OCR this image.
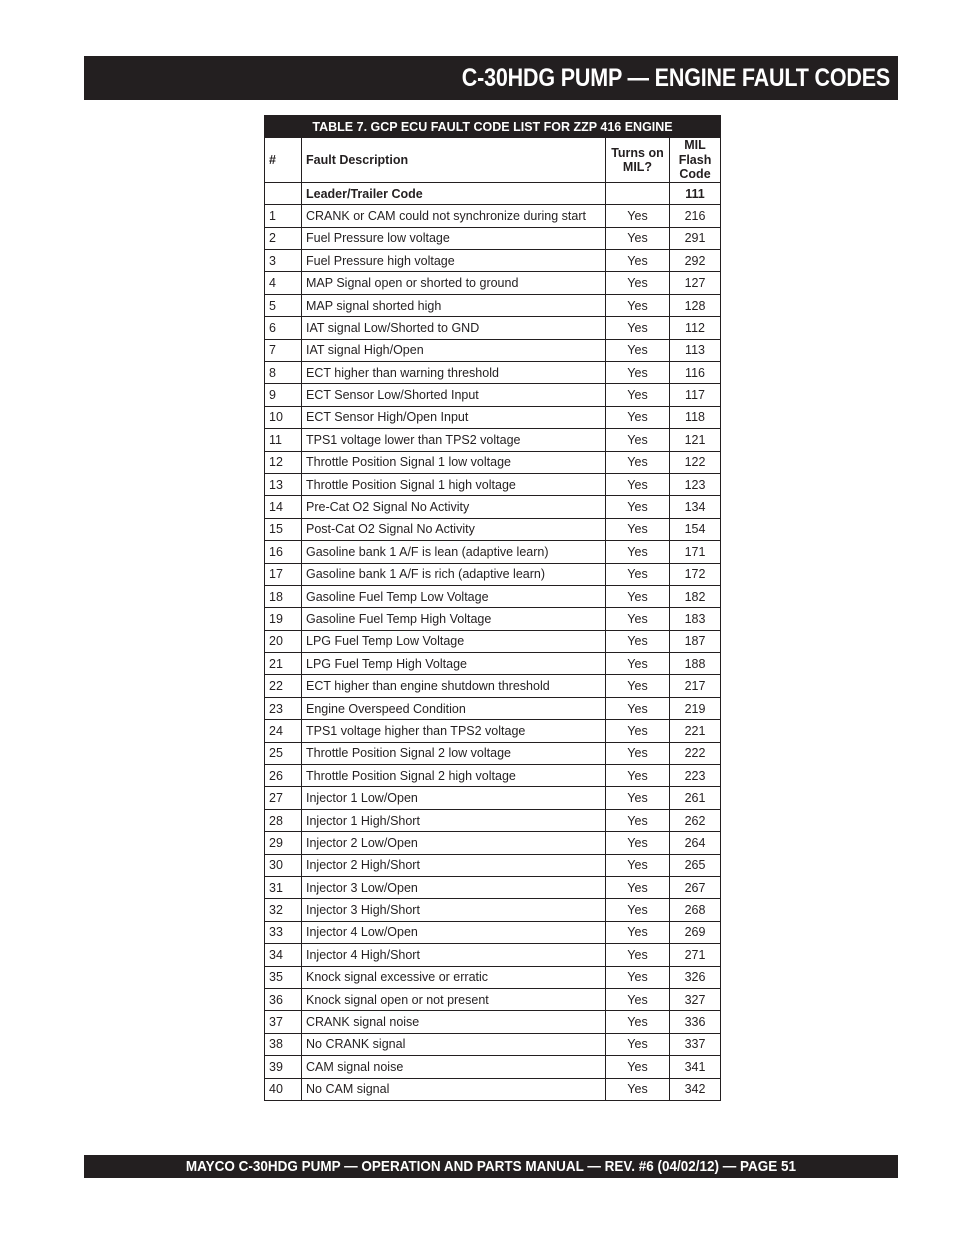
C-30HDG PUMP — ENGINE FAULT CODES
TABLE 7. GCP ECU FAULT CODE LIST FOR ZZP 416 ENGINE			
#	Fault Description	Turns on MIL?	MIL Flash Code
	Leader/Trailer Code		111
1	CRANK or CAM could not synchronize during start	Yes	216
2	Fuel Pressure low voltage	Yes	291
3	Fuel Pressure high voltage	Yes	292
4	MAP Signal open or shorted to ground	Yes	127
5	MAP signal shorted high	Yes	128
6	IAT signal Low/Shorted to GND	Yes	112
7	IAT signal High/Open	Yes	113
8	ECT higher than warning threshold	Yes	116
9	ECT Sensor Low/Shorted Input	Yes	117
10	ECT Sensor High/Open Input	Yes	118
11	TPS1 voltage lower than TPS2 voltage	Yes	121
12	Throttle Position Signal 1 low voltage	Yes	122
13	Throttle Position Signal 1 high voltage	Yes	123
14	Pre-Cat O2 Signal No Activity	Yes	134
15	Post-Cat O2 Signal No Activity	Yes	154
16	Gasoline bank 1 A/F is lean (adaptive learn)	Yes	171
17	Gasoline bank 1 A/F is rich (adaptive learn)	Yes	172
18	Gasoline Fuel Temp Low Voltage	Yes	182
19	Gasoline Fuel Temp High Voltage	Yes	183
20	LPG Fuel Temp Low Voltage	Yes	187
21	LPG Fuel Temp High Voltage	Yes	188
22	ECT higher than engine shutdown threshold	Yes	217
23	Engine Overspeed Condition	Yes	219
24	TPS1 voltage higher than TPS2 voltage	Yes	221
25	Throttle Position Signal 2 low voltage	Yes	222
26	Throttle Position Signal 2 high voltage	Yes	223
27	Injector 1 Low/Open	Yes	261
28	Injector 1 High/Short	Yes	262
29	Injector 2 Low/Open	Yes	264
30	Injector 2 High/Short	Yes	265
31	Injector 3 Low/Open	Yes	267
32	Injector 3 High/Short	Yes	268
33	Injector 4 Low/Open	Yes	269
34	Injector 4 High/Short	Yes	271
35	Knock signal excessive or erratic	Yes	326
36	Knock signal open or not present	Yes	327
37	CRANK signal noise	Yes	336
38	No CRANK signal	Yes	337
39	CAM signal noise	Yes	341
40	No CAM signal	Yes	342
MAYCO C-30HDG PUMP — OPERATION AND PARTS MANUAL — REV. #6 (04/02/12) — PAGE 51
